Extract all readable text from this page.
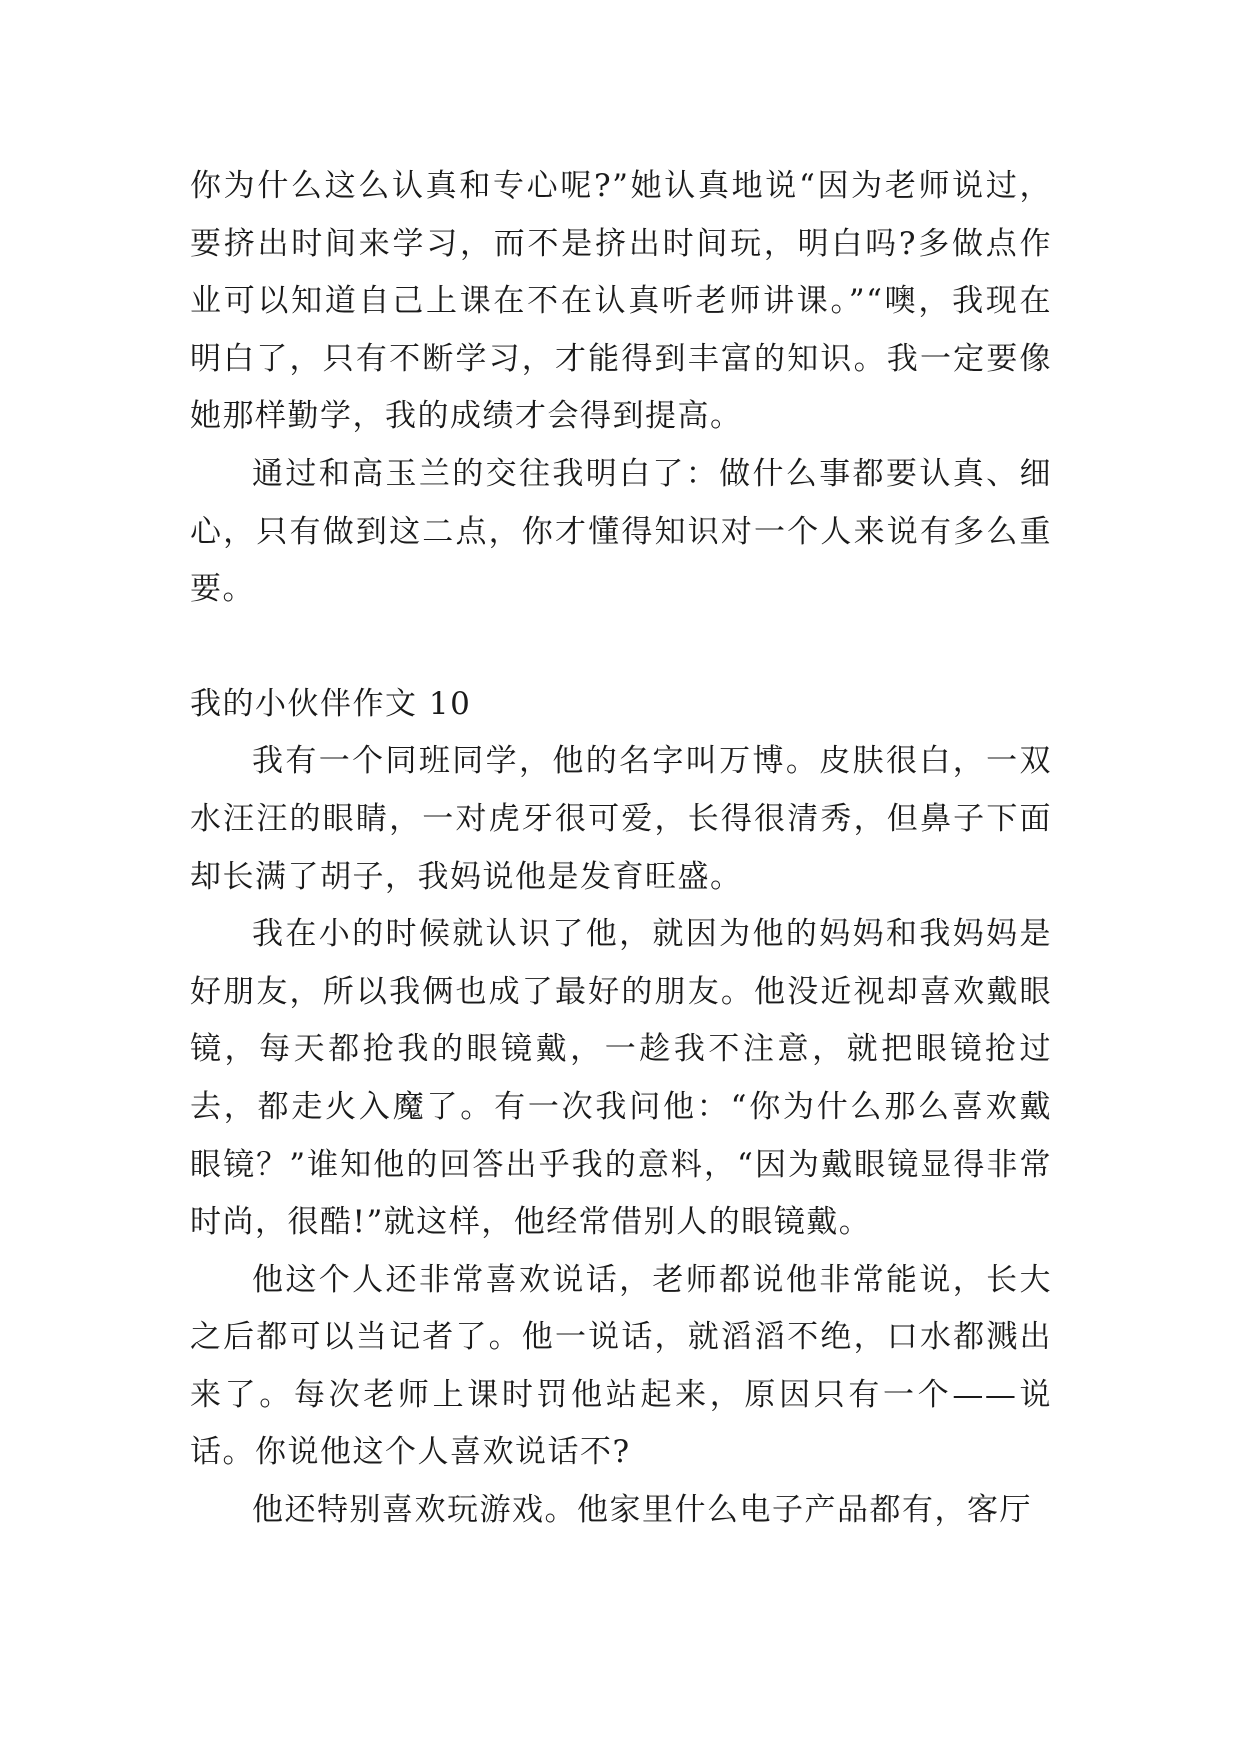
你为什么这么认真和专心呢?”她认真地说“因为老师说过，要挤出时间来学习，而不是挤出时间玩，明白吗?多做点作业可以知道自己上课在不在认真听老师讲课。”“噢，我现在明白了，只有不断学习，才能得到丰富的知识。我一定要像她那样勤学，我的成绩才会得到提高。

通过和高玉兰的交往我明白了：做什么事都要认真、细心，只有做到这二点，你才懂得知识对一个人来说有多么重要。

我的小伙伴作文 10

我有一个同班同学，他的名字叫万博。皮肤很白，一双水汪汪的眼睛，一对虎牙很可爱，长得很清秀，但鼻子下面却长满了胡子，我妈说他是发育旺盛。

我在小的时候就认识了他，就因为他的妈妈和我妈妈是好朋友，所以我俩也成了最好的朋友。他没近视却喜欢戴眼镜，每天都抢我的眼镜戴，一趁我不注意，就把眼镜抢过去，都走火入魔了。有一次我问他：“你为什么那么喜欢戴眼镜？”谁知他的回答出乎我的意料，“因为戴眼镜显得非常时尚，很酷!”就这样，他经常借别人的眼镜戴。

他这个人还非常喜欢说话，老师都说他非常能说，长大之后都可以当记者了。他一说话，就滔滔不绝，口水都溅出来了。每次老师上课时罚他站起来，原因只有一个——说话。你说他这个人喜欢说话不?

他还特别喜欢玩游戏。他家里什么电子产品都有，客厅
